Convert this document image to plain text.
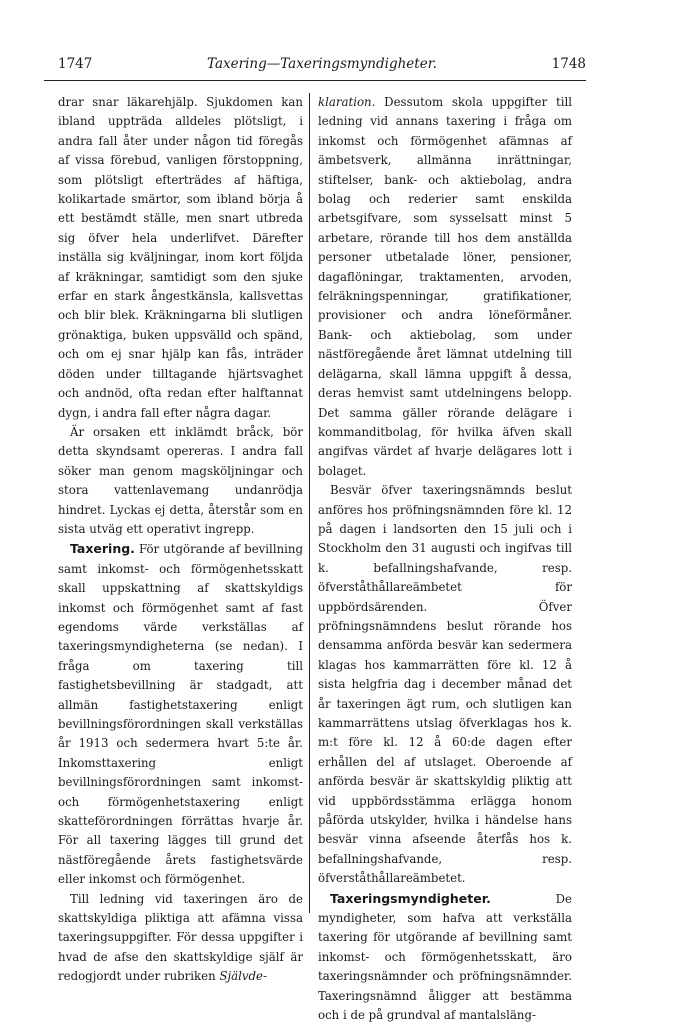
1747	Taxering—Taxeringsmyndigheter.	1748

drar snar läkarehjälp. Sjukdomen kan ibland uppträda alldeles plötsligt, i andra fall åter under någon tid föregås af vissa förebud, vanligen förstoppning, som plötsligt efterträdes af häftiga, kolikartade smärtor, som ibland börja å ett bestämdt ställe, men snart utbreda sig öfver hela underlifvet. Därefter inställa sig kväljningar, inom kort följda af kräkningar, samtidigt som den sjuke erfar en stark ångestkänsla, kallsvettas och blir blek. Kräkningarna bli slutligen grönaktiga, buken uppsvälld och spänd, och om ej snar hjälp kan fås, inträder döden under tilltagande hjärtsvaghet och andnöd, ofta redan efter halftannat dygn, i andra fall efter några dagar.

Är orsaken ett inklämdt bråck, bör detta skyndsamt opereras. I andra fall söker man genom magsköljningar och stora vattenlavemang undanrödja hindret. Lyckas ej detta, återstår som en sista utväg ett operativt ingrepp.

Taxering. För utgörande af bevillning samt inkomst- och förmögenhetsskatt skall uppskattning af skattskyldigs inkomst och förmögenhet samt af fast egendoms värde verkställas af taxeringsmyndigheterna (se nedan). I fråga om taxering till fastighetsbevillning är stadgadt, att allmän fastighetstaxering enligt bevillningsförordningen skall verkställas år 1913 och sedermera hvart 5:te år. Inkomsttaxering enligt bevillningsförordningen samt inkomst- och förmögenhetstaxering enligt skatteförordningen förrättas hvarje år. För all taxering lägges till grund det nästföregående årets fastighetsvärde eller inkomst och förmögenhet.

Till ledning vid taxeringen äro de skattskyldiga pliktiga att afämna vissa taxeringsuppgifter. För dessa uppgifter i hvad de afse den skattskyldige själf är redogjordt under rubriken Självde-

klaration. Dessutom skola uppgifter till ledning vid annans taxering i fråga om inkomst och förmögenhet afämnas af ämbetsverk, allmänna inrättningar, stiftelser, bank- och aktiebolag, andra bolag och rederier samt enskilda arbetsgifvare, som sysselsatt minst 5 arbetare, rörande till hos dem anställda personer utbetalade löner, pensioner, dagaflöningar, traktamenten, arvoden, felräkningspenningar, gratifikationer, provisioner och andra löneförmåner. Bank- och aktiebolag, som under nästföregående året lämnat utdelning till delägarna, skall lämna uppgift å dessa, deras hemvist samt utdelningens belopp. Det samma gäller rörande delägare i kommanditbolag, för hvilka äfven skall angifvas värdet af hvarje delägares lott i bolaget.

Besvär öfver taxeringsnämnds beslut anföres hos pröfningsnämnden före kl. 12 på dagen i landsorten den 15 juli och i Stockholm den 31 augusti och ingifvas till k. befallningshafvande, resp. öfverståthållareämbetet för uppbördsärenden. Öfver pröfningsnämndens beslut rörande hos densamma anförda besvär kan sedermera klagas hos kammarrätten före kl. 12 å sista helgfria dag i december månad det år taxeringen ägt rum, och slutligen kan kammarrättens utslag öfverklagas hos k. m:t före kl. 12 å 60:de dagen efter erhållen del af utslaget. Oberoende af anförda besvär är skattskyldig pliktig att vid uppbördsstämma erlägga honom påförda utskylder, hvilka i händelse hans besvär vinna afseende återfås hos k. befallningshafvande, resp. öfverståthållareämbetet.

Taxeringsmyndigheter. De myndigheter, som hafva att verkställa taxering för utgörande af bevillning samt inkomst- och förmögenhetsskatt, äro taxeringsnämnder och pröfningsnämnder. Taxeringsnämnd åligger att bestämma och i de på grundval af mantalsläng-
